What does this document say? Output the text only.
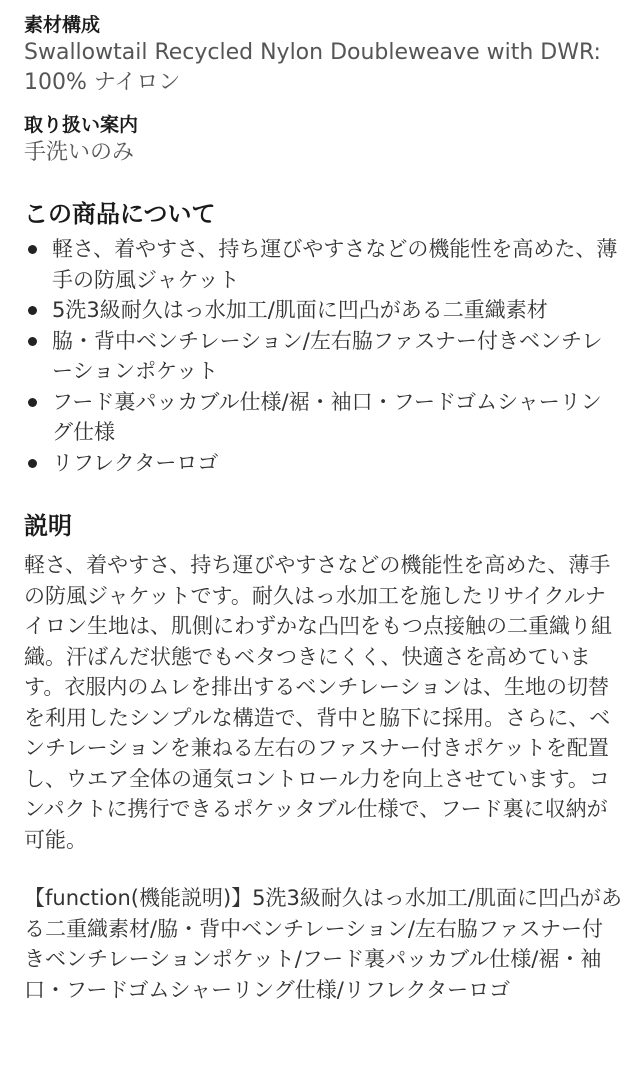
素材構成

Swallowtail Recycled Nylon Doubleweave with DWR: 100% ナイロン

取り扱い案内

手洗いのみ

この商品について
軽さ、着やすさ、持ち運びやすさなどの機能性を高めた、薄手の防風ジャケット
5洗3級耐久はっ水加工/肌面に凹凸がある二重織素材
脇・背中ベンチレーション/左右脇ファスナー付きベンチレーションポケット
フード裏パッカブル仕様/裾・袖口・フードゴムシャーリング仕様
リフレクターロゴ
説明

軽さ、着やすさ、持ち運びやすさなどの機能性を高めた、薄手の防風ジャケットです。耐久はっ水加工を施したリサイクルナイロン生地は、肌側にわずかな凸凹をもつ点接触の二重織り組織。汗ばんだ状態でもベタつきにくく、快適さを高めています。衣服内のムレを排出するベンチレーションは、生地の切替を利用したシンプルな構造で、背中と脇下に採用。さらに、ベンチレーションを兼ねる左右のファスナー付きポケットを配置し、ウエア全体の通気コントロール力を向上させています。コンパクトに携行できるポケッタブル仕様で、フード裏に収納が可能。

【function(機能説明)】5洗3級耐久はっ水加工/肌面に凹凸がある二重織素材/脇・背中ベンチレーション/左右脇ファスナー付きベンチレーションポケット/フード裏パッカブル仕様/裾・袖口・フードゴムシャーリング仕様/リフレクターロゴ
